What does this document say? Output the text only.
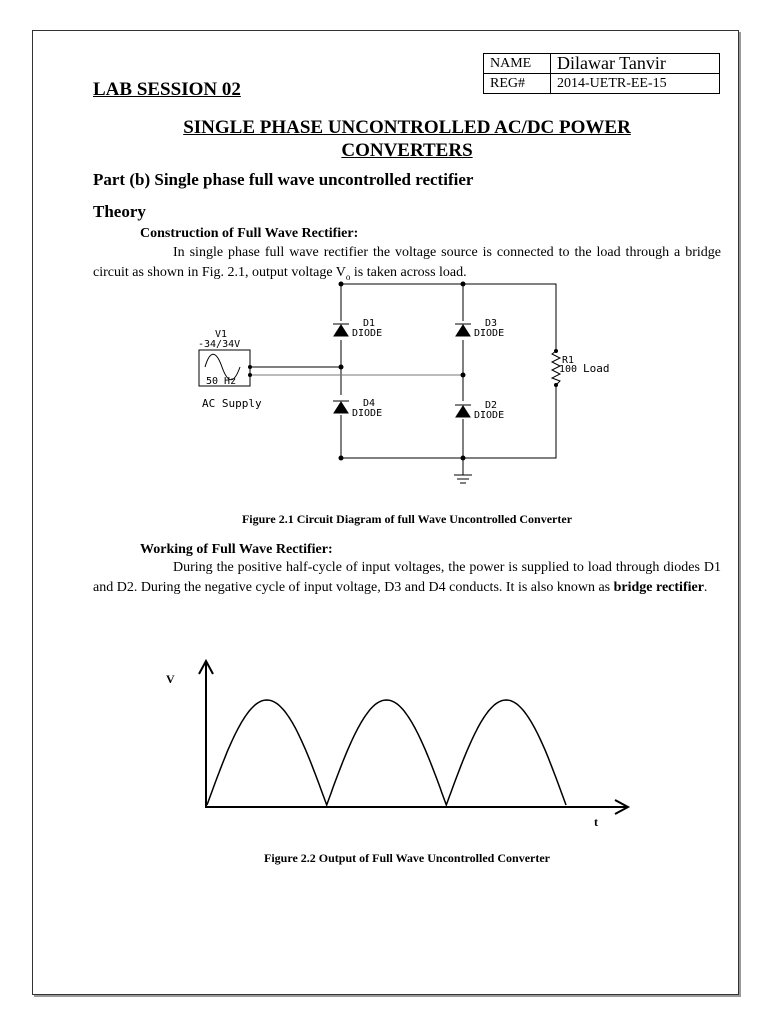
NAME	Dilawar Tanvir
REG#	2014-UETR-EE-15
LAB SESSION 02
SINGLE PHASE UNCONTROLLED AC/DC POWER
CONVERTERS
Part (b) Single phase full wave uncontrolled rectifier
Theory
Construction of Full Wave Rectifier:
In single phase full wave rectifier the voltage source is connected to the load through a bridge circuit as shown in Fig. 2.1, output voltage $V_o$ is taken across load.
V1
-34/34V
50 Hz
AC Supply
D1
DIODE
D3
DIODE
D4
DIODE
D2
DIODE
R1
100 Load
Figure 2.1 Circuit Diagram of full Wave Uncontrolled Converter
Working of Full Wave Rectifier:
During the positive half-cycle of input voltages, the power is supplied to load through diodes D1 and D2. During the negative cycle of input voltage, D3 and D4 conducts. It is also known as bridge rectifier.
V
t
Figure 2.2 Output of Full Wave Uncontrolled Converter
